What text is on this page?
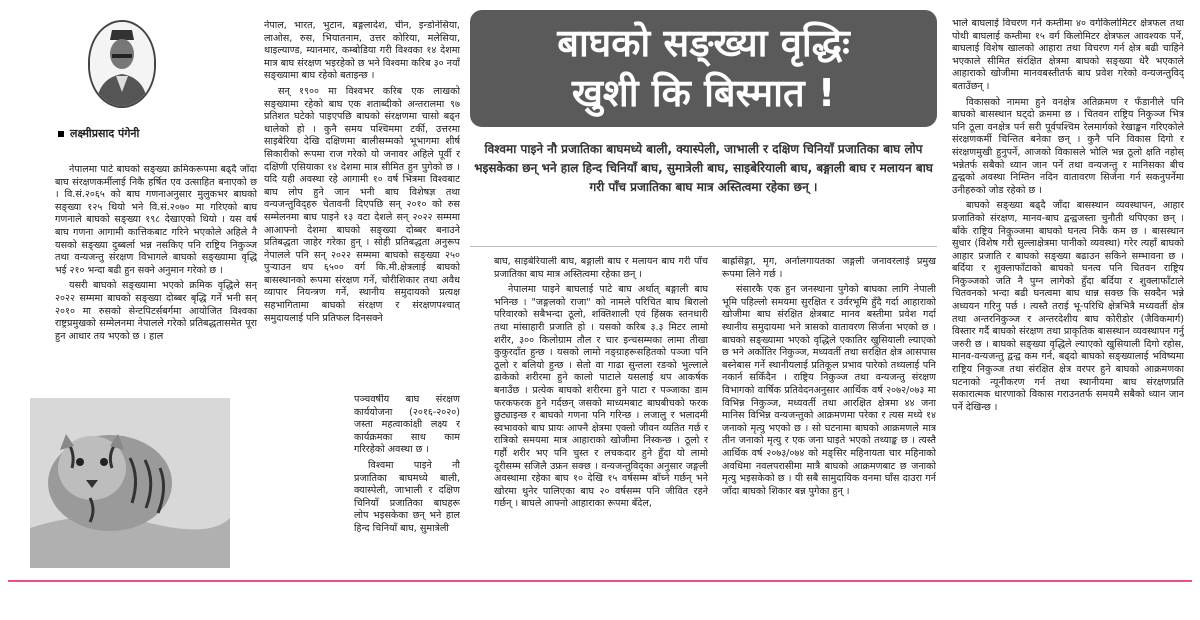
लक्ष्मीप्रसाद पंगेनी

नेपालमा पाटे बाघको सङ्ख्या क्रमिकरूपमा बढ्दै जाँदा बाघ संरक्षणकर्मीलाई निकै हर्षित एव उत्साहित बनाएको छ । वि.सं.२०६५ को बाघ गणनाअनुसार मुलुकभर बाघको सङ्ख्या १२५ थियो भने वि.सं.२०७० मा गरिएको बाघ गणनाले बाघको सङ्ख्या १९८ देखाएको थियो । यस वर्ष बाघ गणना आगामी कात्तिकबाट गरिने भएकोले अहिले नै यसको सङ्ख्या दुब्बर्ला भन्न नसकिए पनि राष्ट्रिय निकुञ्ज तथा वन्यजन्तु संरक्षण विभागले बाघको सङ्ख्यामा वृद्धि भई २१० भन्दा बढी हुन सक्ने अनुमान गरेको छ ।

यसरी बाघको सङ्ख्यामा भएको क्रमिक वृद्धिले सन् २०२२ सम्ममा बाघको सङ्ख्या दोब्बर बृद्धि गर्ने भनी सन् २०१० मा रुसको सेन्टपिटर्सबर्गमा आयोजित विश्वका राष्ट्रप्रमुखको सम्मेलनमा नेपालले गरेको प्रतिबद्धतासमेत पूरा हुन आधार तय भएको छ । हाल

नेपाल, भारत, भुटान, बङ्गलादेश, चीन, इन्डोनेसिया, लाओस, रुस, भियातनाम, उत्तर कोरिया, मलेसिया, थाइल्याण्ड, म्यानमार, कम्बोडिया गरी विश्वका १४ देशमा मात्र बाघ संरक्षण भइरहेको छ भने विश्वमा करिब ३० नयाँ सङ्ख्यामा बाघ रहेको बताइन्छ ।

सन् १९०० मा विश्वभर करिब एक लाखको सङ्ख्यामा रहेको बाघ एक शताब्दीको अन्तरालमा ९७ प्रतिशत घटेको पाइएपछि बाघको संरक्षणमा चासो बढ्न थालेको हो । कुनै समय पश्चिममा टर्की, उत्तरमा साइबेरिया देखि दक्षिणमा बालीसम्मको भूभागमा शीर्ष सिकारीको रूपमा राज गरेको यो जनावर अहिले पूर्वी र दक्षिणी एसियाका १४ देशमा मात्र सीमित हुन पुगेको छ । यदि यही अवस्था रहे आगामी १० वर्ष भित्रमा विश्वबाट बाघ लोप हुने जान भनी बाघ विशेषज्ञ तथा वन्यजन्तुविद्हरु चेतावनी दिएपछि सन् २०१० को रुस सम्मेलनमा बाघ पाइने १३ वटा देशले सन् २०२२ सम्ममा आआफ्नो देशमा बाघको सङ्ख्या दोब्बर बनाउने प्रतिबद्धता जाहेर गरेका हुन् । सोही प्रतिबद्धता अनुरूप नेपालले पनि सन् २०२२ सम्ममा बाघको सङ्ख्या २५० पुऱ्याउन थप ६५०० वर्ग कि.मी.क्षेत्रलाई बाघको बासस्थानको रूपमा संरक्षण गर्ने, चोरीशिकार तथा अवैध व्यापार नियन्त्रण गर्ने, स्थानीय समुदायको प्रत्यक्ष सहभागितामा बाघको संरक्षण र संरक्षणपश्चात् समुदायलाई पनि प्रतिफल दिनसक्ने

पञ्चवर्षीय बाघ संरक्षण कार्ययोजना (२०१६-२०२०) जस्ता महत्वाकांक्षी लक्ष्य र कार्यक्रमका साथ काम गरिरहेको अवस्था छ ।

विश्वमा पाइने नौ प्रजातिका बाघमध्ये बाली, क्यास्पेली, जाभाली र दक्षिण चिनियाँ प्रजातिका बाघहरू लोप भइसकेका छन् भने हाल हिन्द चिनियाँ बाघ, सुमात्रेली

बाघको सङ्ख्या वृद्धिः
खुशी कि बिस्मात !
विश्वमा पाइने नौ प्रजातिका बाघमध्ये बाली, क्यास्पेली, जाभाली र दक्षिण चिनियाँ प्रजातिका बाघ लोप भइसकेका छन् भने हाल हिन्द चिनियाँ बाघ, सुमात्रेली बाघ, साइबेरियाली बाघ, बङ्गाली बाघ र मलायन बाघ गरी पाँच प्रजातिका बाघ मात्र अस्तित्वमा रहेका छन् ।

बाघ, साइबेरियाली बाघ, बङ्गाली बाघ र मलायन बाघ गरी पाँच प्रजातिका बाघ मात्र अस्तित्वमा रहेका छन् ।

नेपालमा पाइने बाघलाई पाटे बाघ अर्थात् बङ्गाली बाघ भनिन्छ । "जङ्गलको राजा" को नामले परिचित बाघ बिरालो परिवारको सबैभन्दा ठूलो, शक्तिशाली एवं हिंस्रक स्तनधारी तथा मांसाहारी प्रजाति हो । यसको करिब ३.३ मिटर लामो शरीर, ३०० किलोग्राम तौल र चार इन्चसम्मका लामा तीखा कुकुरदाँत हुन्छ । यसको लामो नङ्ग्राहरूसहितको पञ्जा पनि ठूलो र बलियो हुन्छ । सेतो वा गाढा सुन्तला रङको भुल्लाले ढाकेको शरीरमा हुने कालो पाटाले यसलाई थप आकर्षक बनाउँछ । प्रत्येक बाघको शरीरमा हुने पाटा र पञ्जाका डाम फरकफरक हुने गर्दछन् जसको माध्यमबाट बाघबीचको फरक छुट्याइन्छ र बाघको गणना पनि गरिन्छ । लजालु र भलादमी स्वभावको बाघ प्रायः आफ्नै क्षेत्रमा एक्लो जीवन व्यतित गर्छ र रात्रिको समयमा मात्र आहाराको खोजीमा निस्कन्छ । ठूलो र गर्हौ शरीर भए पनि चुस्त र लचकदार हुने हुँदा यो लामो दूरीसम्म सजिलै उफ्रन सक्छ । वन्यजन्तुविद्का अनुसार जङ्गली अवस्थामा रहेका बाघ १० देखि १५ वर्षसम्म बाँच्ने गर्छन् भने खोरमा थुनेर पालिएका बाघ २० वर्षसम्म पनि जीवित रहने गर्छन् । बाघले आफ्नो आहाराका रूपमा बँदेल,

बाह्रसिङ्गा, मृग, अर्नालगायतका जङ्गली जनावरलाई प्रमुख रूपमा लिने गर्छ ।

संसारकै एक हुन जनस्थाना पुगेको बाघका लागि नेपाली भूमि पहिल्लो समयमा सुरक्षित र उर्वरभूमि हुँदै गर्दा आहाराको खोजीमा बाघ संरक्षित क्षेत्रबाट मानव बस्तीमा प्रवेश गर्दा स्थानीय समुदायमा भने त्रासको वातावरण सिर्जना भएको छ । बाघको सङ्ख्यामा भएको वृद्धिले एकातिर खुसियाली ल्याएको छ भने अर्कोतिर निकुञ्ज, मध्यवर्ती तथा सरक्षित क्षेत्र आसपास बस्नेबास गर्ने स्थानीयलाई प्रतिकूल प्रभाव पारेको तथ्यलाई पनि नकार्न सकिँदैन । राष्ट्रिय निकुञ्ज तथा वन्यजन्तु संरक्षण विभागको वार्षिक प्रतिवेदनअनुसार आर्थिक वर्ष २०७२/०७३ मा विभिन्न निकुञ्ज, मध्यवर्ती तथा आरक्षित क्षेत्रमा ४४ जना मानिस विभिन्न वन्यजन्तुको आक्रमणमा परेका र त्यस मध्ये १४ जनाको मृत्यु भएको छ । सो घटनामा बाघको आक्रमणले मात्र तीन जनाको मृत्यु र एक जना घाइते भएको तथ्याङ्क छ । त्यस्तै आर्थिक वर्ष २०७३/०७४ को मङ्सिर महिनायता चार महिनाको अवधिमा नवलपरासीमा मात्रै बाघको आक्रमणबाट छ जनाको मृत्यु भइसकेको छ । यी सबै सामुदायिक वनमा घाँस दाउरा गर्न जाँदा बाघको शिकार बन्न पुगेका हुन् ।

भाले बाघलाई विचरण गर्न कम्तीमा ४० वर्गकिलोमिटर क्षेत्रफल तथा पोथी बाघलाई कम्तीमा १५ वर्ग किलोमिटर क्षेत्रफल आवश्यक पर्ने, बाघलाई विशेष खालको आहारा तथा विचरण गर्न क्षेत्र बढी चाहिने भएकाले सीमित संरक्षित क्षेत्रमा बाघको सङ्ख्या धेरै भएकाले आहाराको खोजीमा मानवबस्तीतर्फ बाघ प्रवेश गरेको वन्यजन्तुविद् बताउँछन् ।

विकासको नाममा हुने वनक्षेत्र अतिक्रमण र फँडानीले पनि बाघको बासस्थान घट्दो क्रममा छ । चितवन राष्ट्रिय निकुञ्ज भित्र पनि ठूला वनक्षेत्र पर्न सरी पूर्वपश्चिम रेलमार्गको रेखाङ्कन गरिएकोले संरक्षणकर्मी चिन्तित बनेका छन् । कुनै पनि विकास दिगो र संरक्षणमुखी हुनुपर्ने, आजको विकासले भोलि भन्न ठूलो क्षति नहोस् भन्नेतर्फ सबैको ध्यान जान पर्ने तथा वन्यजन्तु र मानिसका बीच द्वन्द्वको अवस्था निम्तिन नदिन वातावरण सिर्जना गर्न सकनुपर्नेमा उनीहरुको जोड रहेको छ ।

बाघको सङ्ख्या बढ्दै जाँदा बासस्थान व्यवस्थापन, आहार प्रजातिको संरक्षण, मानव-बाघ द्वन्द्वजस्ता चुनौती थपिएका छन् । बाँके राष्ट्रिय निकुञ्जमा बाघको घनत्व निकै कम छ । बासस्थान सुधार (विशेष गरी सुल्लाक्षेत्रमा पानीको व्यवस्था) गरेर त्यहाँ बाघको आहार प्रजाति र बाघको सङ्ख्या बढाउन सकिने सम्भावना छ । बर्दिया र शुक्लाफाँटाको बाघको घनत्व पनि चितवन राष्ट्रिय निकुञ्जको जति नै पुग्न लागेको हुँदा बर्दिया र शुक्लाफाँटाले चितवनको भन्दा बढी घनत्वमा बाघ धान्न सक्छ कि सक्दैन भन्ने अध्ययन गरिनु पर्छ । त्यस्तै तराई भू-परिधि क्षेत्रभित्रै मध्यवर्ती क्षेत्र तथा अन्तरनिकुञ्ज र अन्तरदेशीय बाघ कोरीडोर (जैविकमार्ग) विस्तार गर्दै बाघको संरक्षण तथा प्राकृतिक बासस्थान व्यवस्थापन गर्नु जरुरी छ । बाघको सङ्ख्या वृद्धिले ल्याएको खुसियाली दिगो रहोस, मानव-वन्यजन्तु द्वन्द्व कम गर्न, बढ्दो बाघको सङ्ख्यालाई भविष्यमा राष्ट्रिय निकुञ्ज तथा संरक्षित क्षेत्र वरपर हुने बाघको आक्रमणका घटनाको न्यूनीकरण गर्न तथा स्थानीयमा बाघ संरक्षणप्रति सकारात्मक धारणाको विकास गराउनतर्फ समयमै सबैको ध्यान जान पर्ने देखिन्छ ।
